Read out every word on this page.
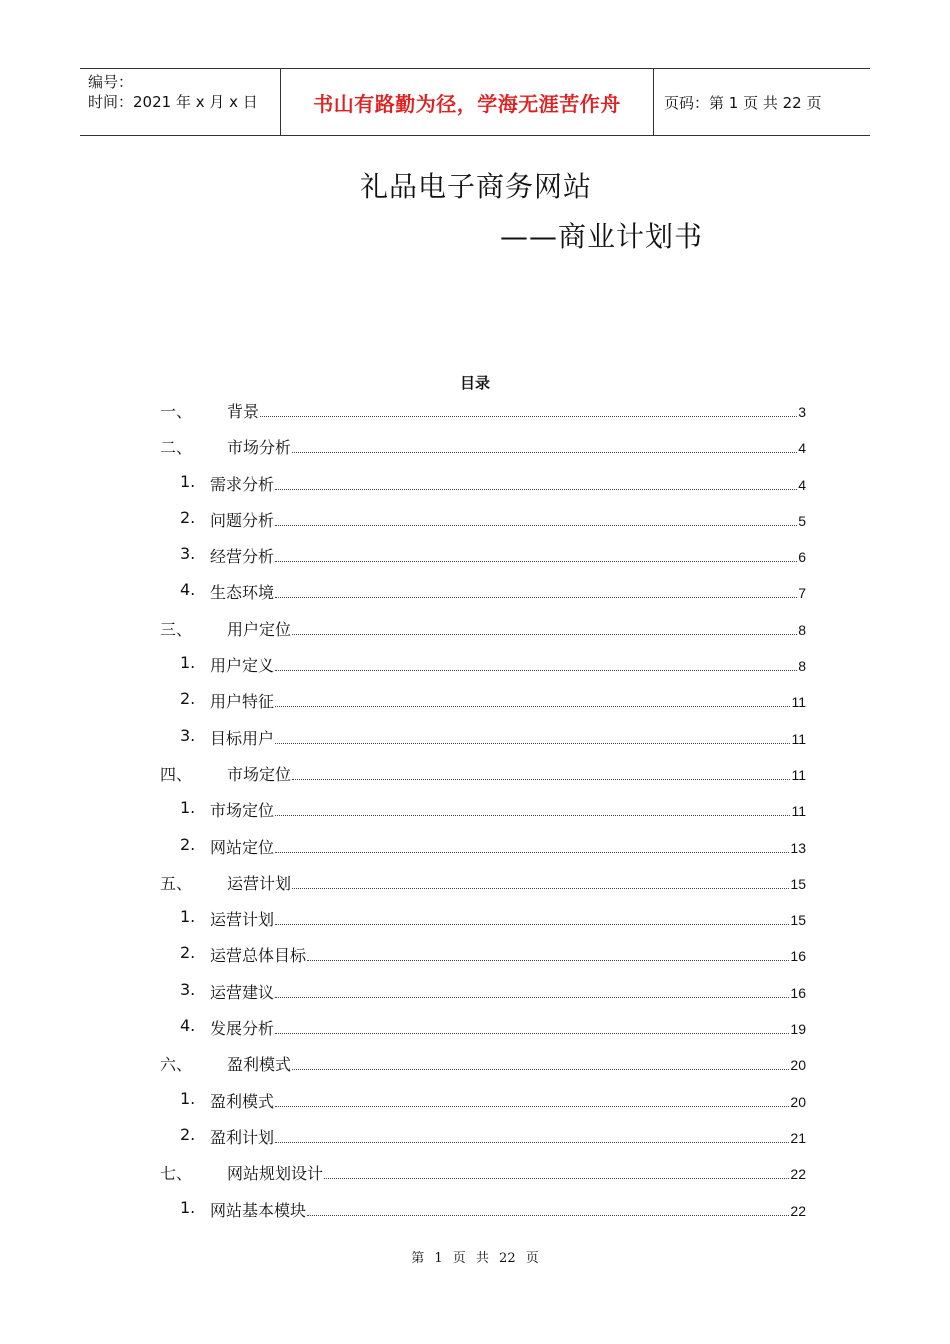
编号：
时间：2021 年 x 月 x 日	书山有路勤为径，学海无涯苦作舟	页码：第 1 页 共 22 页
礼品电子商务网站
——商业计划书
目录
一、 背景	3
二、 市场分析	4
1. 需求分析	4
2. 问题分析	5
3. 经营分析	6
4. 生态环境	7
三、 用户定位	8
1. 用户定义	8
2. 用户特征	11
3. 目标用户	11
四、 市场定位	11
1. 市场定位	11
2. 网站定位	13
五、 运营计划	15
1. 运营计划	15
2. 运营总体目标	16
3. 运营建议	16
4. 发展分析	19
六、 盈利模式	20
1. 盈利模式	20
2. 盈利计划	21
七、 网站规划设计	22
1. 网站基本模块	22
第 1 页 共 22 页
